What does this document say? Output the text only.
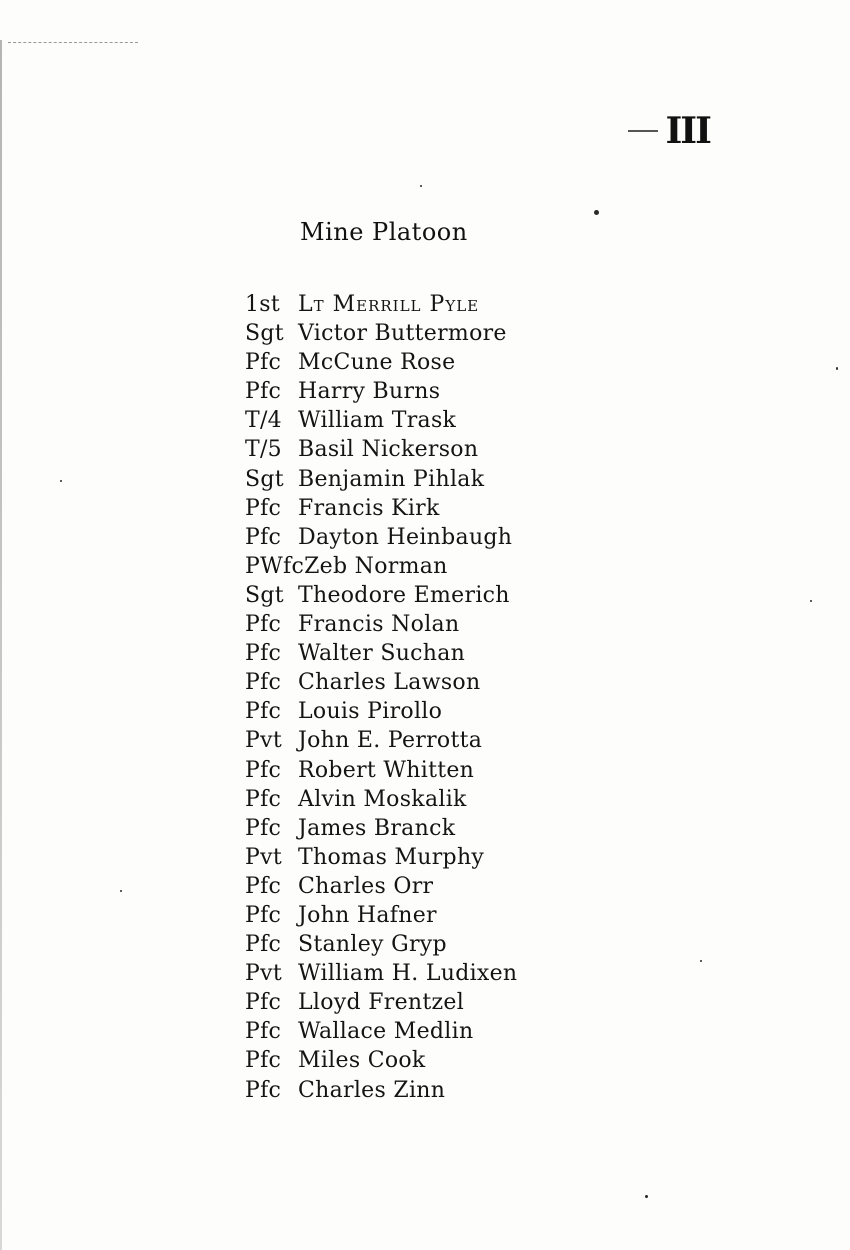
III
Mine Platoon
1st Lt Merrill Pyle
Sgt Victor Buttermore
Pfc McCune Rose
Pfc Harry Burns
T/4 William Trask
T/5 Basil Nickerson
Sgt Benjamin Pihlak
Pfc Francis Kirk
Pfc Dayton Heinbaugh
PWfc Zeb Norman
Sgt Theodore Emerich
Pfc Francis Nolan
Pfc Walter Suchan
Pfc Charles Lawson
Pfc Louis Pirollo
Pvt John E. Perrotta
Pfc Robert Whitten
Pfc Alvin Moskalik
Pfc James Branck
Pvt Thomas Murphy
Pfc Charles Orr
Pfc John Hafner
Pfc Stanley Gryp
Pvt William H. Ludixen
Pfc Lloyd Frentzel
Pfc Wallace Medlin
Pfc Miles Cook
Pfc Charles Zinn
